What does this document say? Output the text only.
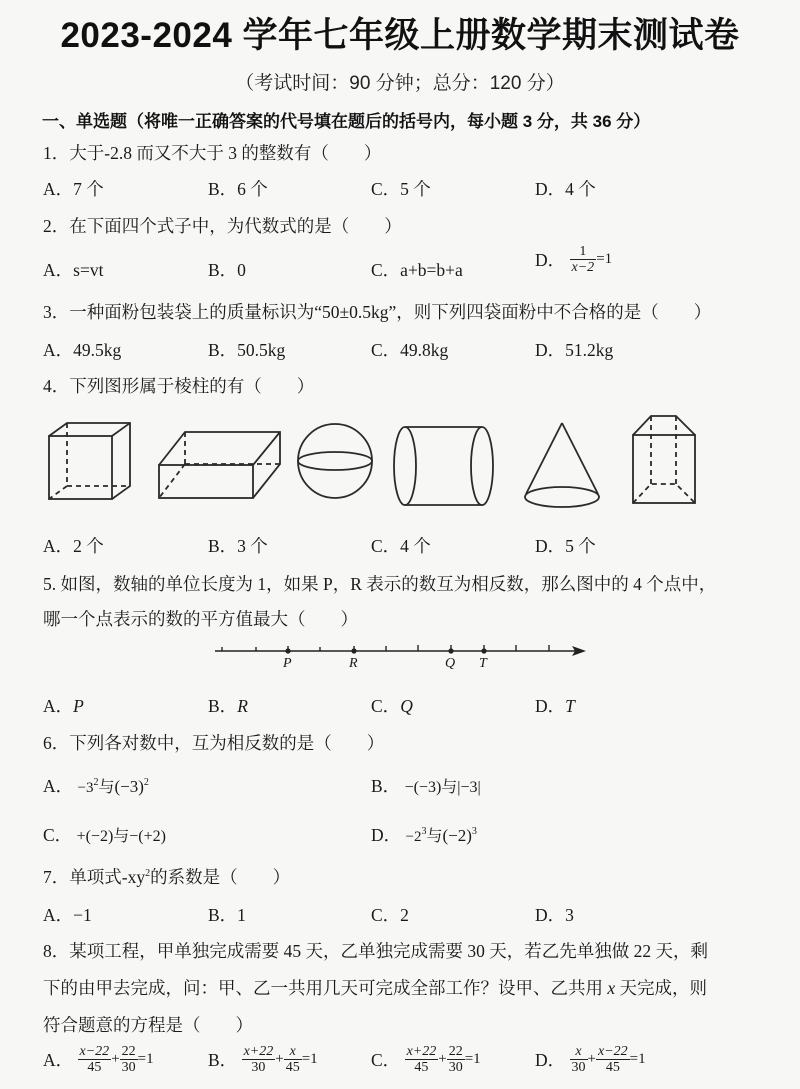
2023-2024 学年七年级上册数学期末测试卷
（考试时间：90 分钟；总分：120 分）
一、单选题（将唯一正确答案的代号填在题后的括号内，每小题 3 分，共 36 分）
1．大于-2.8 而又不大于 3 的整数有（　　）
A．7 个	B．6 个	C．5 个	D．4 个
2．在下面四个式子中，为代数式的是（　　）
A．s=vt	B．0	C．a+b=b+a	D． $\frac{1}{x-2} =1$
3．一种面粉包装袋上的质量标识为“50±0.5kg”，则下列四袋面粉中不合格的是（　　）
A．49.5kg	B．50.5kg	C．49.8kg	D．51.2kg
4．下列图形属于棱柱的有（　　）
A．2 个	B．3 个	C．4 个	D．5 个
5. 如图，数轴的单位长度为 1，如果 P，R 表示的数互为相反数，那么图中的 4 个点中，
哪一个点表示的数的平方值最大（　　）
P	R	Q T
A．P	B．R	C．Q	D．T
6．下列各对数中，互为相反数的是（　　）
A． $-3^2$与$(-3)^2$	B． −(−3)与|−3|
C． +(−2)与−(+2)	D． $-2^3$与$(-2)^3$
7．单项式$-xy^2$的系数是（　　）
A．−1	B．1	C．2	D．3
8．某项工程，甲单独完成需要 45 天，乙单独完成需要 30 天，若乙先单独做 22 天，剩
下的由甲去完成，问：甲、乙一共用几天可完成全部工作？设甲、乙共用 x 天完成，则
符合题意的方程是（　　）
A． $\frac{x-22}{45} + \frac{22}{30} =1$	B． $\frac{x+22}{30} + \frac{x}{45} =1$	C． $\frac{x+22}{45} + \frac{22}{30} =1$	D． $\frac{x}{30} + \frac{x-22}{45} =1$
